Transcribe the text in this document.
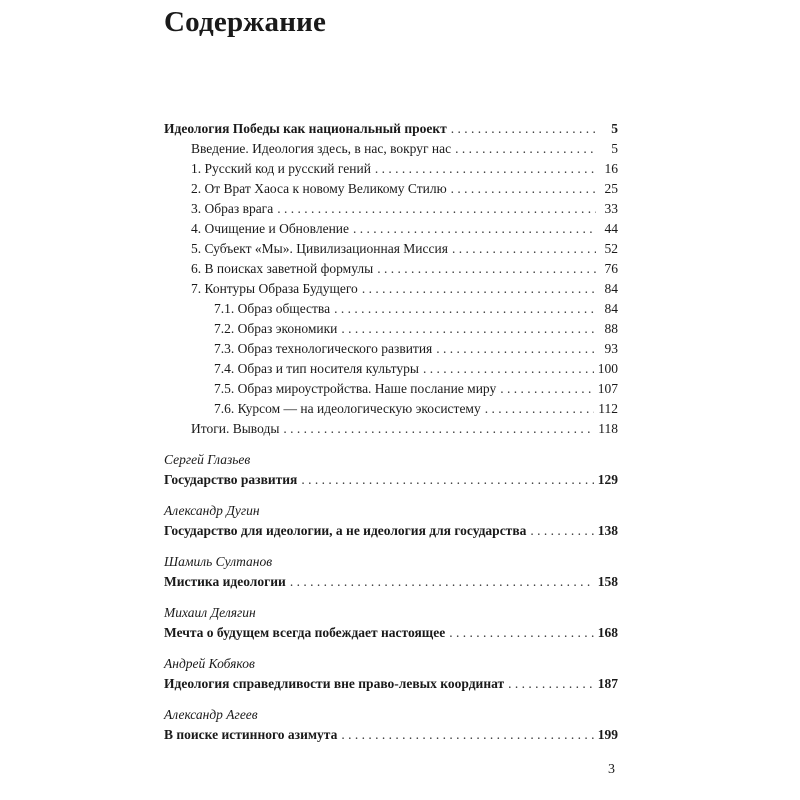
Содержание
Идеология Победы как национальный проект . . .	5
Введение. Идеология здесь, в нас, вокруг нас . . .	5
1. Русский код и русский гений . . .	16
2. От Врат Хаоса к новому Великому Стилю . . .	25
3. Образ врага . . .	33
4. Очищение и Обновление . . .	44
5. Субъект «Мы». Цивилизационная Миссия . . .	52
6. В поисках заветной формулы . . .	76
7. Контуры Образа Будущего . . .	84
7.1. Образ общества . . .	84
7.2. Образ экономики . . .	88
7.3. Образ технологического развития . . .	93
7.4. Образ и тип носителя культуры . . .	100
7.5. Образ мироустройства. Наше послание миру . . .	107
7.6. Курсом — на идеологическую экосистему . . .	112
Итоги. Выводы . . .	118
Сергей Глазьев
Государство развития . . .	129
Александр Дугин
Государство для идеологии, а не идеология для государства . . .	138
Шамиль Султанов
Мистика идеологии . . .	158
Михаил Делягин
Мечта о будущем всегда побеждает настоящее . . .	168
Андрей Кобяков
Идеология справедливости вне право-левых координат . . .	187
Александр Агеев
В поиске истинного азимута . . .	199
3
